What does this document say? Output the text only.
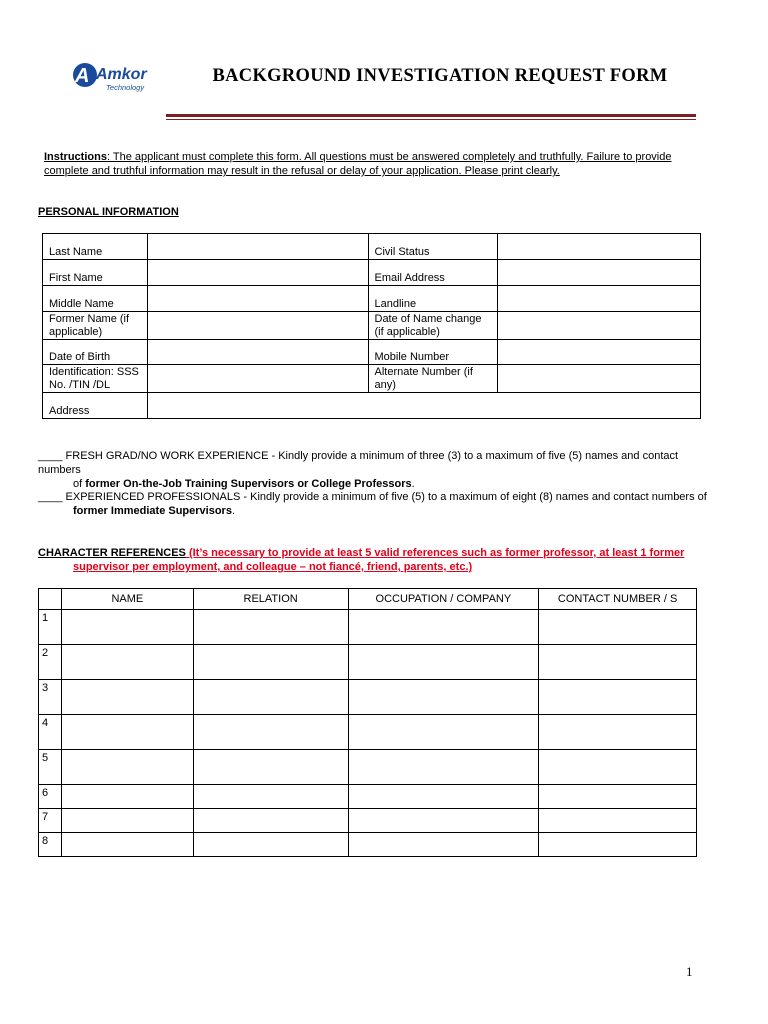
A Amkor
Technology
BACKGROUND INVESTIGATION REQUEST FORM
Instructions: The applicant must complete this form. All questions must be answered completely and truthfully. Failure to provide complete and truthful information may result in the refusal or delay of your application. Please print clearly.
PERSONAL INFORMATION
Last Name		Civil Status	
First Name		Email Address	
Middle Name		Landline	
Former Name (if applicable)		Date of Name change (if applicable)	
Date of Birth		Mobile Number	
Identification: SSS No. /TIN /DL		Alternate Number (if any)	
Address			
____ FRESH GRAD/NO WORK EXPERIENCE - Kindly provide a minimum of three (3) to a maximum of five (5) names and contact numbers
of former On-the-Job Training Supervisors or College Professors.
____ EXPERIENCED PROFESSIONALS - Kindly provide a minimum of five (5) to a maximum of eight (8) names and contact numbers of
former Immediate Supervisors.
CHARACTER REFERENCES (It’s necessary to provide at least 5 valid references such as former professor, at least 1 former
supervisor per employment, and colleague – not fiancé, friend, parents, etc.)
	NAME	RELATION	OCCUPATION / COMPANY	CONTACT NUMBER / S
1				
2				
3				
4				
5				
6				
7				
8				
1
